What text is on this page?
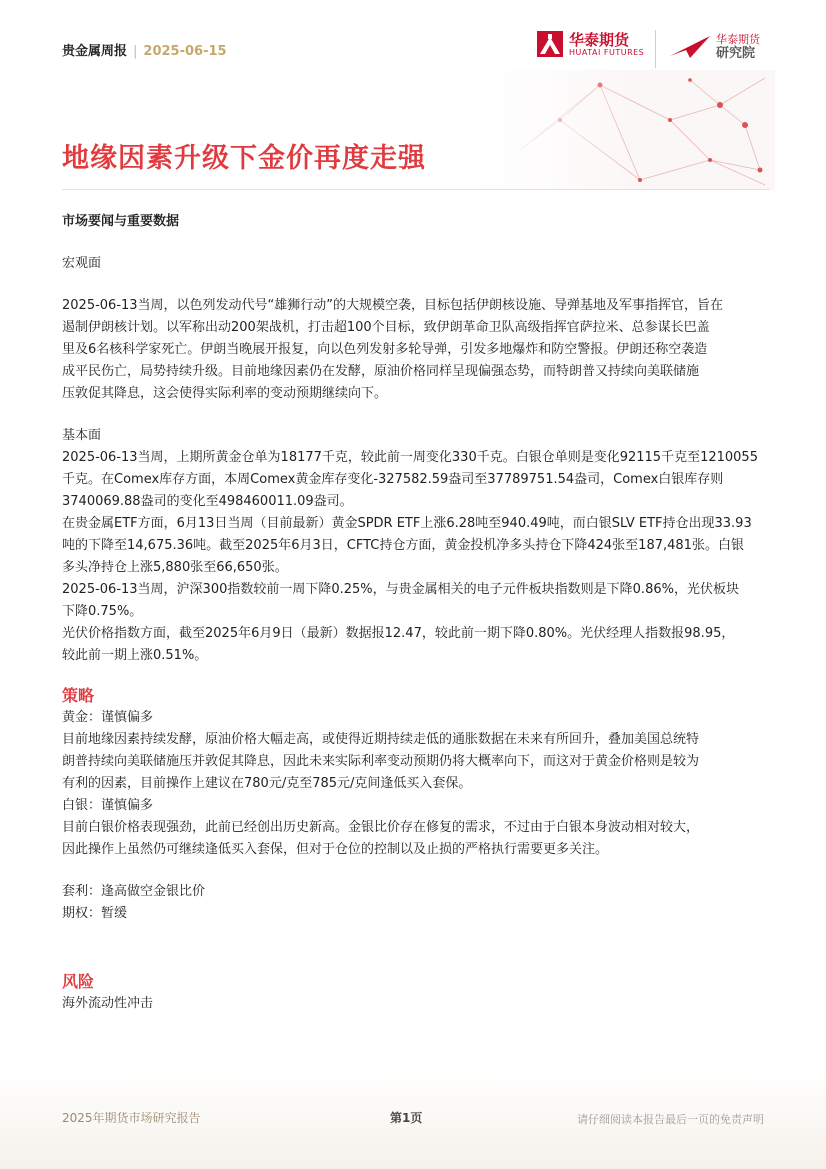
贵金属周报 | 2025-06-15
华泰期货
HUATAI FUTURES
华泰期货
研究院
地缘因素升级下金价再度走强

市场要闻与重要数据

宏观面

2025-06-13当周，以色列发动代号“雄狮行动”的大规模空袭，目标包括伊朗核设施、导弹基地及军事指挥官，旨在

遏制伊朗核计划。以军称出动200架战机，打击超100个目标，致伊朗革命卫队高级指挥官萨拉米、总参谋长巴盖

里及6名核科学家死亡。伊朗当晚展开报复，向以色列发射多轮导弹，引发多地爆炸和防空警报。伊朗还称空袭造

成平民伤亡，局势持续升级。目前地缘因素仍在发酵，原油价格同样呈现偏强态势，而特朗普又持续向美联储施

压敦促其降息，这会使得实际利率的变动预期继续向下。

基本面

2025-06-13当周，上期所黄金仓单为18177千克，较此前一周变化330千克。白银仓单则是变化92115千克至1210055

千克。在Comex库存方面，本周Comex黄金库存变化-327582.59盎司至37789751.54盎司，Comex白银库存则

3740069.88盎司的变化至498460011.09盎司。

在贵金属ETF方面，6月13日当周（目前最新）黄金SPDR ETF上涨6.28吨至940.49吨，而白银SLV ETF持仓出现33.93

吨的下降至14,675.36吨。截至2025年6月3日，CFTC持仓方面，黄金投机净多头持仓下降424张至187,481张。白银

多头净持仓上涨5,880张至66,650张。

2025-06-13当周，沪深300指数较前一周下降0.25%，与贵金属相关的电子元件板块指数则是下降0.86%，光伏板块

下降0.75%。

光伏价格指数方面，截至2025年6月9日（最新）数据报12.47，较此前一期下降0.80%。光伏经理人指数报98.95，

较此前一期上涨0.51%。

策略

黄金：谨慎偏多

目前地缘因素持续发酵，原油价格大幅走高，或使得近期持续走低的通胀数据在未来有所回升，叠加美国总统特

朗普持续向美联储施压并敦促其降息，因此未来实际利率变动预期仍将大概率向下，而这对于黄金价格则是较为

有利的因素，目前操作上建议在780元/克至785元/克间逢低买入套保。

白银：谨慎偏多

目前白银价格表现强劲，此前已经创出历史新高。金银比价存在修复的需求，不过由于白银本身波动相对较大，

因此操作上虽然仍可继续逢低买入套保，但对于仓位的控制以及止损的严格执行需要更多关注。

套利：逢高做空金银比价

期权：暂缓

风险

海外流动性冲击

2025年期货市场研究报告	第1页	请仔细阅读本报告最后一页的免责声明
